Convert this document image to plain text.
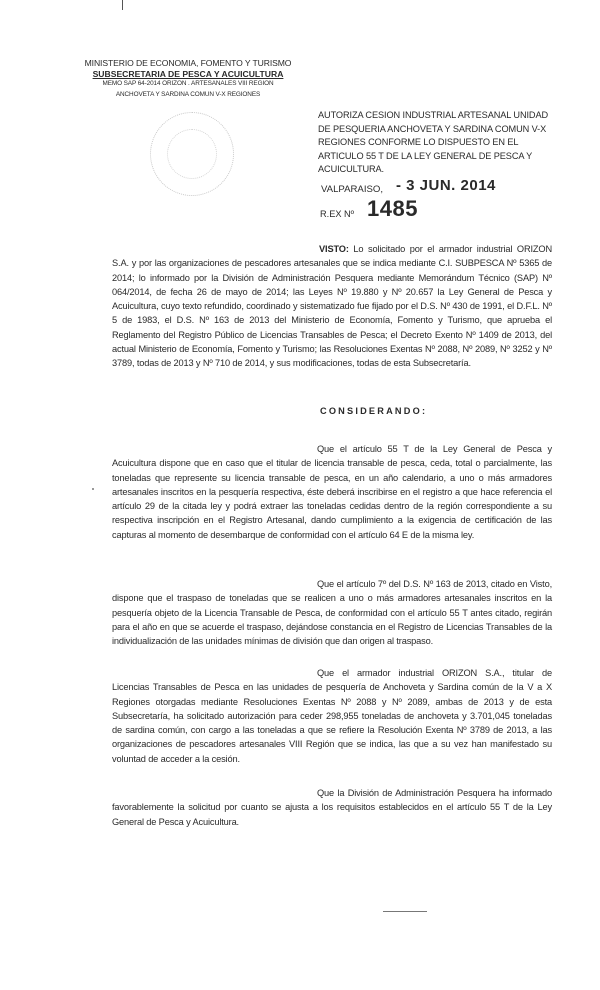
MINISTERIO DE ECONOMIA, FOMENTO Y TURISMO
SUBSECRETARIA DE PESCA Y ACUICULTURA
MEMO SAP 64-2014 ORIZON . ARTESANALES VIII REGION
ANCHOVETA Y SARDINA COMUN V-X REGIONES
AUTORIZA CESION INDUSTRIAL ARTESANAL UNIDAD DE PESQUERIA ANCHOVETA Y SARDINA COMUN V-X REGIONES CONFORME LO DISPUESTO EN EL ARTICULO 55 T DE LA LEY GENERAL DE PESCA Y ACUICULTURA.
VALPARAISO, - 3 JUN. 2014
R.EX Nº 1485
VISTO: Lo solicitado por el armador industrial ORIZON S.A. y por las organizaciones de pescadores artesanales que se indica mediante C.I. SUBPESCA Nº 5365 de 2014; lo informado por la División de Administración Pesquera mediante Memorándum Técnico (SAP) Nº 064/2014, de fecha 26 de mayo de 2014; las Leyes Nº 19.880 y Nº 20.657 la Ley General de Pesca y Acuicultura, cuyo texto refundido, coordinado y sistematizado fue fijado por el D.S. Nº 430 de 1991, el D.F.L. Nº 5 de 1983, el D.S. Nº 163 de 2013 del Ministerio de Economía, Fomento y Turismo, que aprueba el Reglamento del Registro Público de Licencias Transables de Pesca; el Decreto Exento Nº 1409 de 2013, del actual Ministerio de Economía, Fomento y Turismo; las Resoluciones Exentas Nº 2088, Nº 2089, Nº 3252 y Nº 3789, todas de 2013 y Nº 710 de 2014, y sus modificaciones, todas de esta Subsecretaría.
CONSIDERANDO:
Que el artículo 55 T de la Ley General de Pesca y Acuicultura dispone que en caso que el titular de licencia transable de pesca, ceda, total o parcialmente, las toneladas que represente su licencia transable de pesca, en un año calendario, a uno o más armadores artesanales inscritos en la pesquería respectiva, éste deberá inscribirse en el registro a que hace referencia el artículo 29 de la citada ley y podrá extraer las toneladas cedidas dentro de la región correspondiente a su respectiva inscripción en el Registro Artesanal, dando cumplimiento a la exigencia de certificación de las capturas al momento de desembarque de conformidad con el artículo 64 E de la misma ley.
Que el artículo 7º del D.S. Nº 163 de 2013, citado en Visto, dispone que el traspaso de toneladas que se realicen a uno o más armadores artesanales inscritos en la pesquería objeto de la Licencia Transable de Pesca, de conformidad con el artículo 55 T antes citado, regirán para el año en que se acuerde el traspaso, dejándose constancia en el Registro de Licencias Transables de la individualización de las unidades mínimas de división que dan origen al traspaso.
Que el armador industrial ORIZON S.A., titular de Licencias Transables de Pesca en las unidades de pesquería de Anchoveta y Sardina común de la V a X Regiones otorgadas mediante Resoluciones Exentas Nº 2088 y Nº 2089, ambas de 2013 y de esta Subsecretaría, ha solicitado autorización para ceder 298,955 toneladas de anchoveta y 3.701,045 toneladas de sardina común, con cargo a las toneladas a que se refiere la Resolución Exenta Nº 3789 de 2013, a las organizaciones de pescadores artesanales VIII Región que se indica, las que a su vez han manifestado su voluntad de acceder a la cesión.
Que la División de Administración Pesquera ha informado favorablemente la solicitud por cuanto se ajusta a los requisitos establecidos en el artículo 55 T de la Ley General de Pesca y Acuicultura.
